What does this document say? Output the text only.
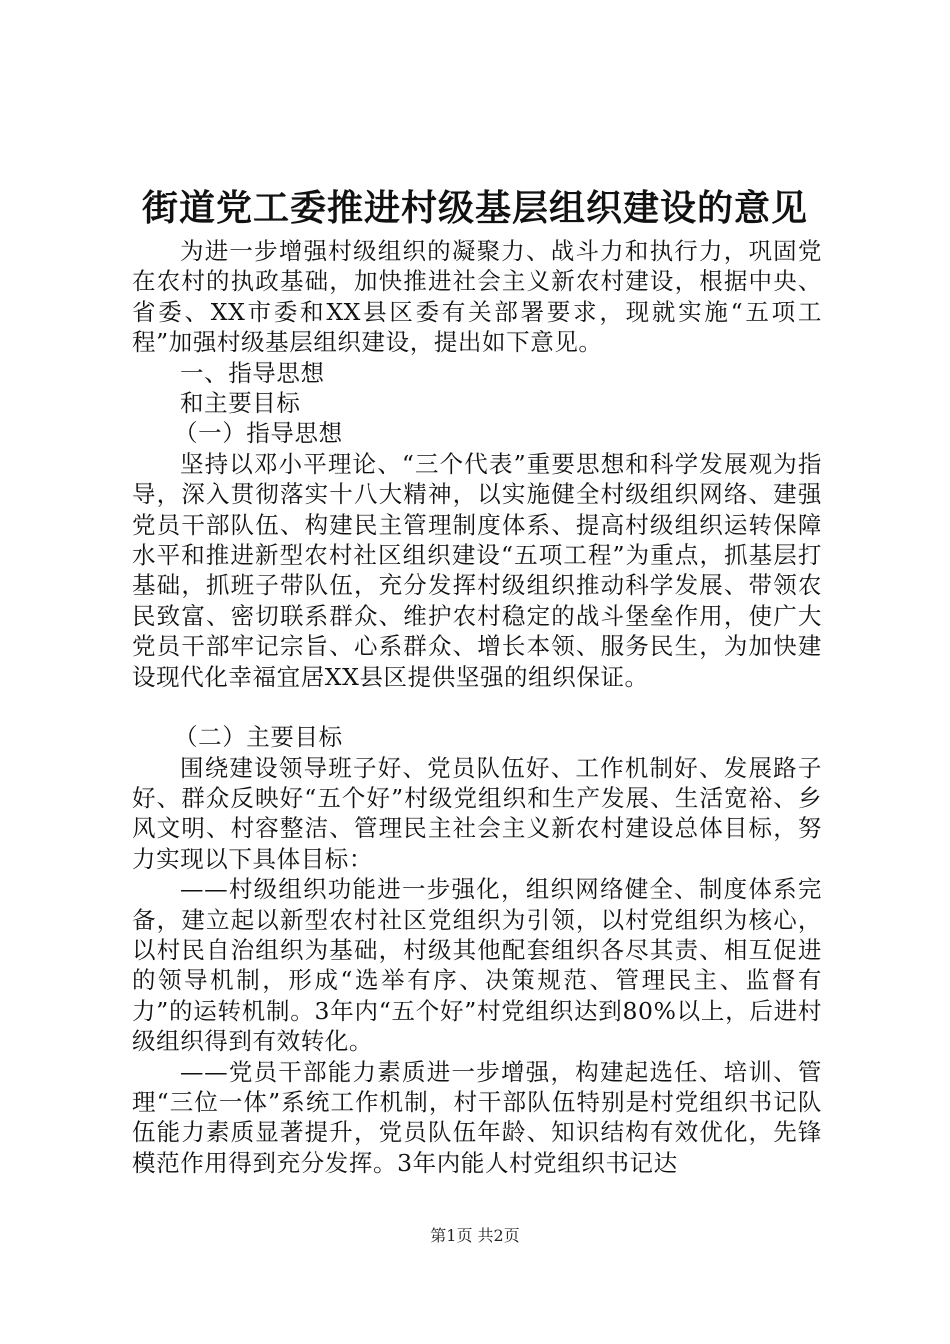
街道党工委推进村级基层组织建设的意见

为进一步增强村级组织的凝聚力、战斗力和执行力，巩固党在农村的执政基础，加快推进社会主义新农村建设，根据中央、省委、XX市委和XX县区委有关部署要求，现就实施“五项工程”加强村级基层组织建设，提出如下意见。

一、指导思想

和主要目标

（一）指导思想

坚持以邓小平理论、“三个代表”重要思想和科学发展观为指导，深入贯彻落实十八大精神，以实施健全村级组织网络、建强党员干部队伍、构建民主管理制度体系、提高村级组织运转保障水平和推进新型农村社区组织建设“五项工程”为重点，抓基层打基础，抓班子带队伍，充分发挥村级组织推动科学发展、带领农民致富、密切联系群众、维护农村稳定的战斗堡垒作用，使广大党员干部牢记宗旨、心系群众、增长本领、服务民生，为加快建设现代化幸福宜居XX县区提供坚强的组织保证。

（二）主要目标

围绕建设领导班子好、党员队伍好、工作机制好、发展路子好、群众反映好“五个好”村级党组织和生产发展、生活宽裕、乡风文明、村容整洁、管理民主社会主义新农村建设总体目标，努力实现以下具体目标：

——村级组织功能进一步强化，组织网络健全、制度体系完备，建立起以新型农村社区党组织为引领，以村党组织为核心，以村民自治组织为基础，村级其他配套组织各尽其责、相互促进的领导机制，形成“选举有序、决策规范、管理民主、监督有力”的运转机制。3年内“五个好”村党组织达到80%以上，后进村级组织得到有效转化。

——党员干部能力素质进一步增强，构建起选任、培训、管理“三位一体”系统工作机制，村干部队伍特别是村党组织书记队伍能力素质显著提升，党员队伍年龄、知识结构有效优化，先锋模范作用得到充分发挥。3年内能人村党组织书记达

第1页 共2页
